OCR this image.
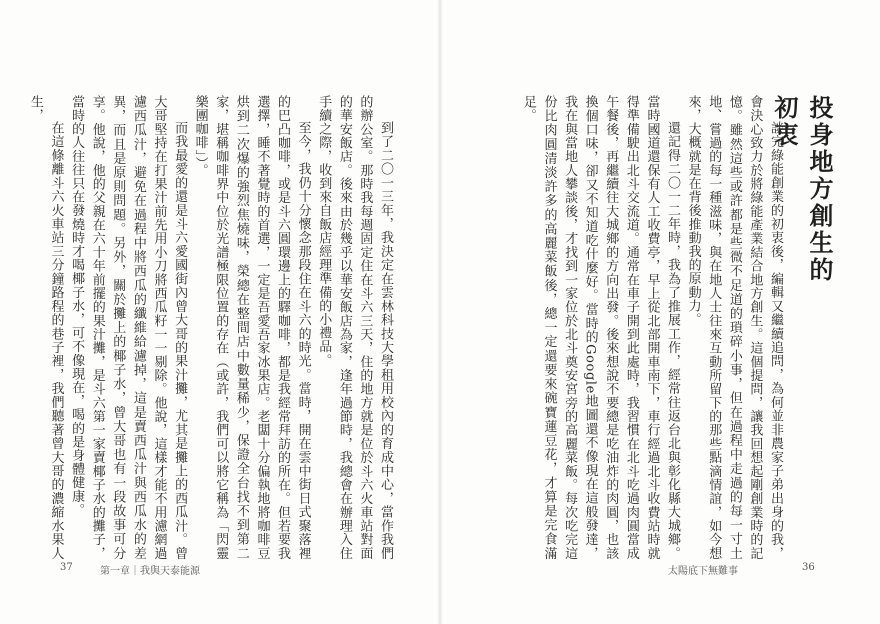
投身地方創生的初衷

談完綠能創業的初衷後，編輯又繼續追問，為何並非農家子弟出身的我，會決心致力於將綠能產業結合地方創生。這個提問，讓我回想起剛創業時的記憶。雖然這些或許都是些微不足道的瑣碎小事，但在過程中走過的每一寸土地、嘗過的每一種滋味，與在地人士往來互動所留下的那些點滴情誼，如今想來，大概就是在背後推動我的原動力。

還記得二〇一二年時，我為了推展工作，經常往返台北與彰化縣大城鄉。當時國道還保有人工收費亭，早上從北部開車南下，車行經過北斗收費站時就得準備駛出北斗交流道。通常在車子開到此處時，我習慣在北斗吃過肉圓當成午餐後，再繼續往大城鄉的方向出發。後來想說不要總是吃油炸的肉圓，也該換個口味，卻又不知道吃什麼好。當時的Google地圖還不像現在這般發達，我在與當地人攀談後，才找到一家位於北斗奠安宮旁的高麗菜飯。每次吃完這份比肉圓清淡許多的高麗菜飯後，總一定還要來碗寶蓮豆花，才算是完食滿足。

到了二〇一三年，我決定在雲林科技大學租用校內的育成中心，當作我們的辦公室。那時我每週固定住在斗六三天，住的地方就是位於斗六火車站對面的華安飯店。後來由於幾乎以華安飯店為家，逢年過節時，我總會在辦理入住手續之際，收到來自飯店經理準備的小禮品。

至今，我仍十分懷念那段住在斗六的時光。當時，開在雲中街日式聚落裡的巴凸咖啡，或是斗六圓環邊上的驛咖啡，都是我經常拜訪的所在。但若要我選擇，睡不著覺時的首選，一定是吾愛吾家冰果店。老闆十分偏執地將咖啡豆烘到二次爆的強烈焦燒味，榮總在整間店中數量稀少，保證全台找不到第二家，堪稱咖啡界中位於光譜極限位置的存在（或許，我們可以將它稱為「閃靈樂團咖啡」）。

而我最愛的還是斗六愛國街內曾大哥的果汁攤，尤其是攤上的西瓜汁。曾大哥堅持在打果汁前先用小刀將西瓜籽一一剔除。他說，這樣才能不用濾網過濾西瓜汁，避免在過程中將西瓜的纖維給濾掉，這是賣西瓜汁與西瓜水的差異，而且是原則問題。另外，關於攤上的椰子水，曾大哥也有一段故事可分享。他說，他的父親在六十年前擺的果汁攤，是斗六第一家賣椰子水的攤子，當時的人往往只在發燒時才喝椰子水，可不像現在，喝的是身體健康。

在這條離斗六火車站三分鐘路程的巷子裡，我們聽著曾大哥的濃縮水果人生，

37	第一章｜我與天泰能源	太陽底下無難事	36
